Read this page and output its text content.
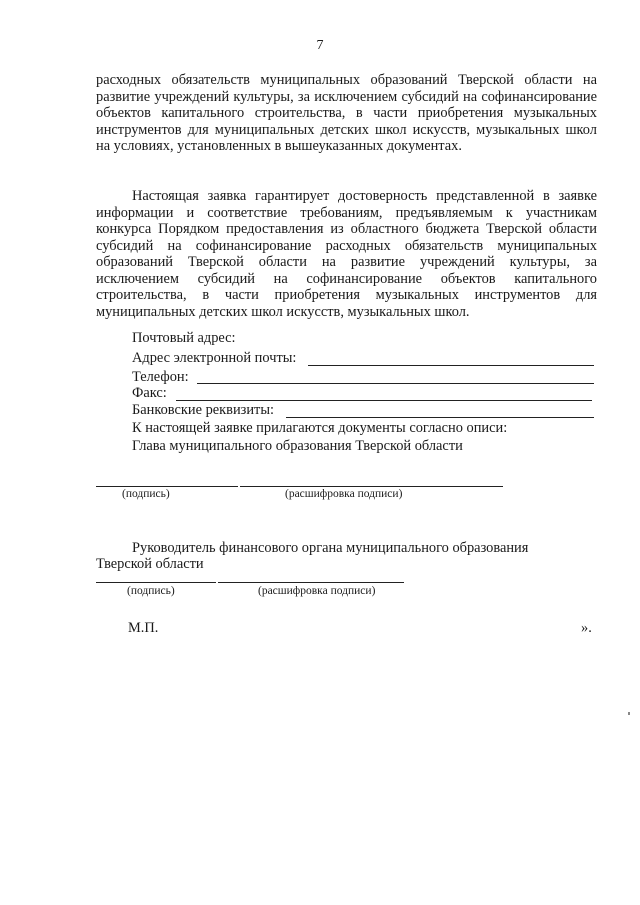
7
расходных обязательств муниципальных образований Тверской области на развитие учреждений культуры, за исключением субсидий на софинансирование объектов капитального строительства, в части приобретения музыкальных инструментов для муниципальных детских школ искусств, музыкальных школ на условиях, установленных в вышеуказанных документах.
Настоящая заявка гарантирует достоверность представленной в заявке информации и соответствие требованиям, предъявляемым к участникам конкурса Порядком предоставления из областного бюджета Тверской области субсидий на софинансирование расходных обязательств муниципальных образований Тверской области на развитие учреждений культуры, за исключением субсидий на софинансирование объектов капитального строительства, в части приобретения музыкальных инструментов для муниципальных детских школ искусств, музыкальных школ.
Почтовый адрес:
Адрес электронной почты:
Телефон:
Факс:
Банковские реквизиты:
К настоящей заявке прилагаются документы согласно описи:
Глава муниципального образования Тверской области
(подпись)	(расшифровка подписи)
Руководитель финансового органа муниципального образования
Тверской области
(подпись)	(расшифровка подписи)
М.П.	».
